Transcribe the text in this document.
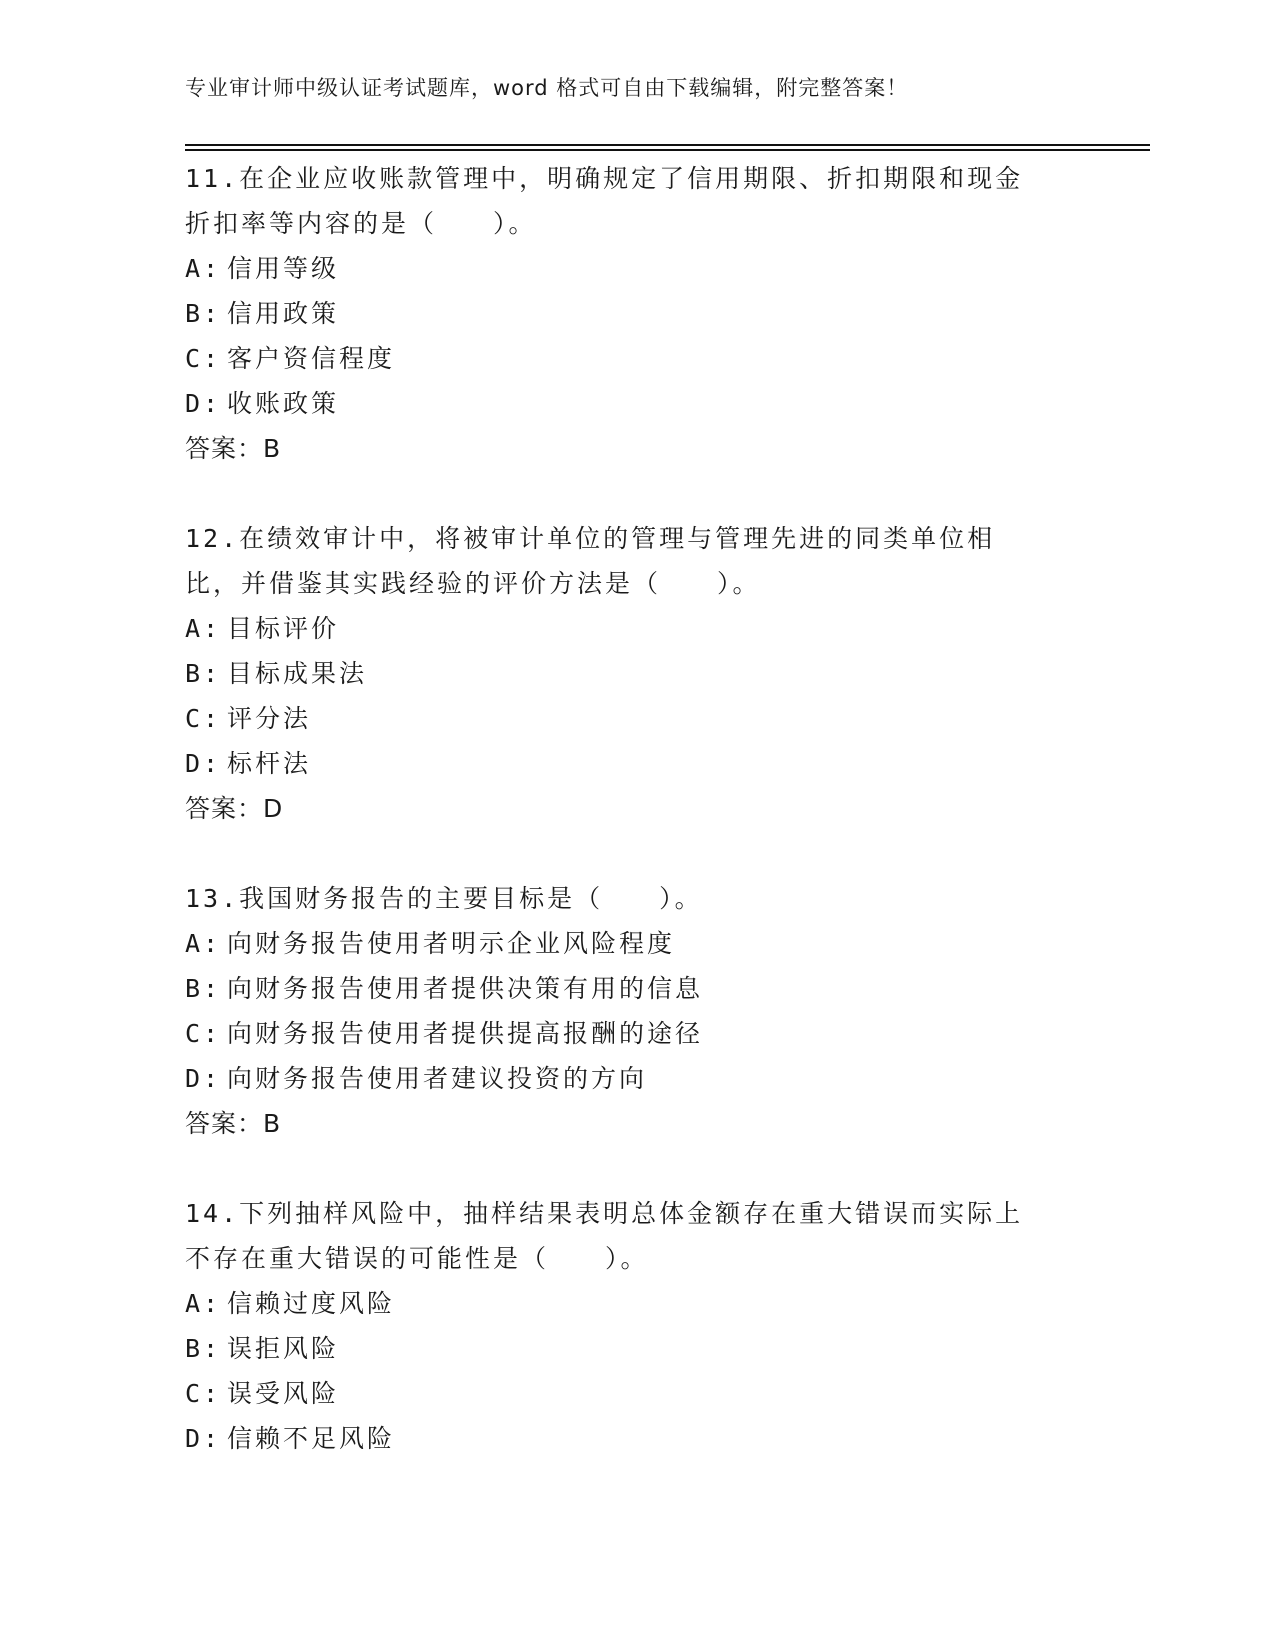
专业审计师中级认证考试题库，word 格式可自由下载编辑，附完整答案！
11.在企业应收账款管理中，明确规定了信用期限、折扣期限和现金折扣率等内容的是（　　）。
A: 信用等级
B: 信用政策
C: 客户资信程度
D: 收账政策
答案：B
12.在绩效审计中，将被审计单位的管理与管理先进的同类单位相比，并借鉴其实践经验的评价方法是（　　）。
A: 目标评价
B: 目标成果法
C: 评分法
D: 标杆法
答案：D
13.我国财务报告的主要目标是（　　）。
A: 向财务报告使用者明示企业风险程度
B: 向财务报告使用者提供决策有用的信息
C: 向财务报告使用者提供提高报酬的途径
D: 向财务报告使用者建议投资的方向
答案：B
14.下列抽样风险中，抽样结果表明总体金额存在重大错误而实际上不存在重大错误的可能性是（　　）。
A: 信赖过度风险
B: 误拒风险
C: 误受风险
D: 信赖不足风险
